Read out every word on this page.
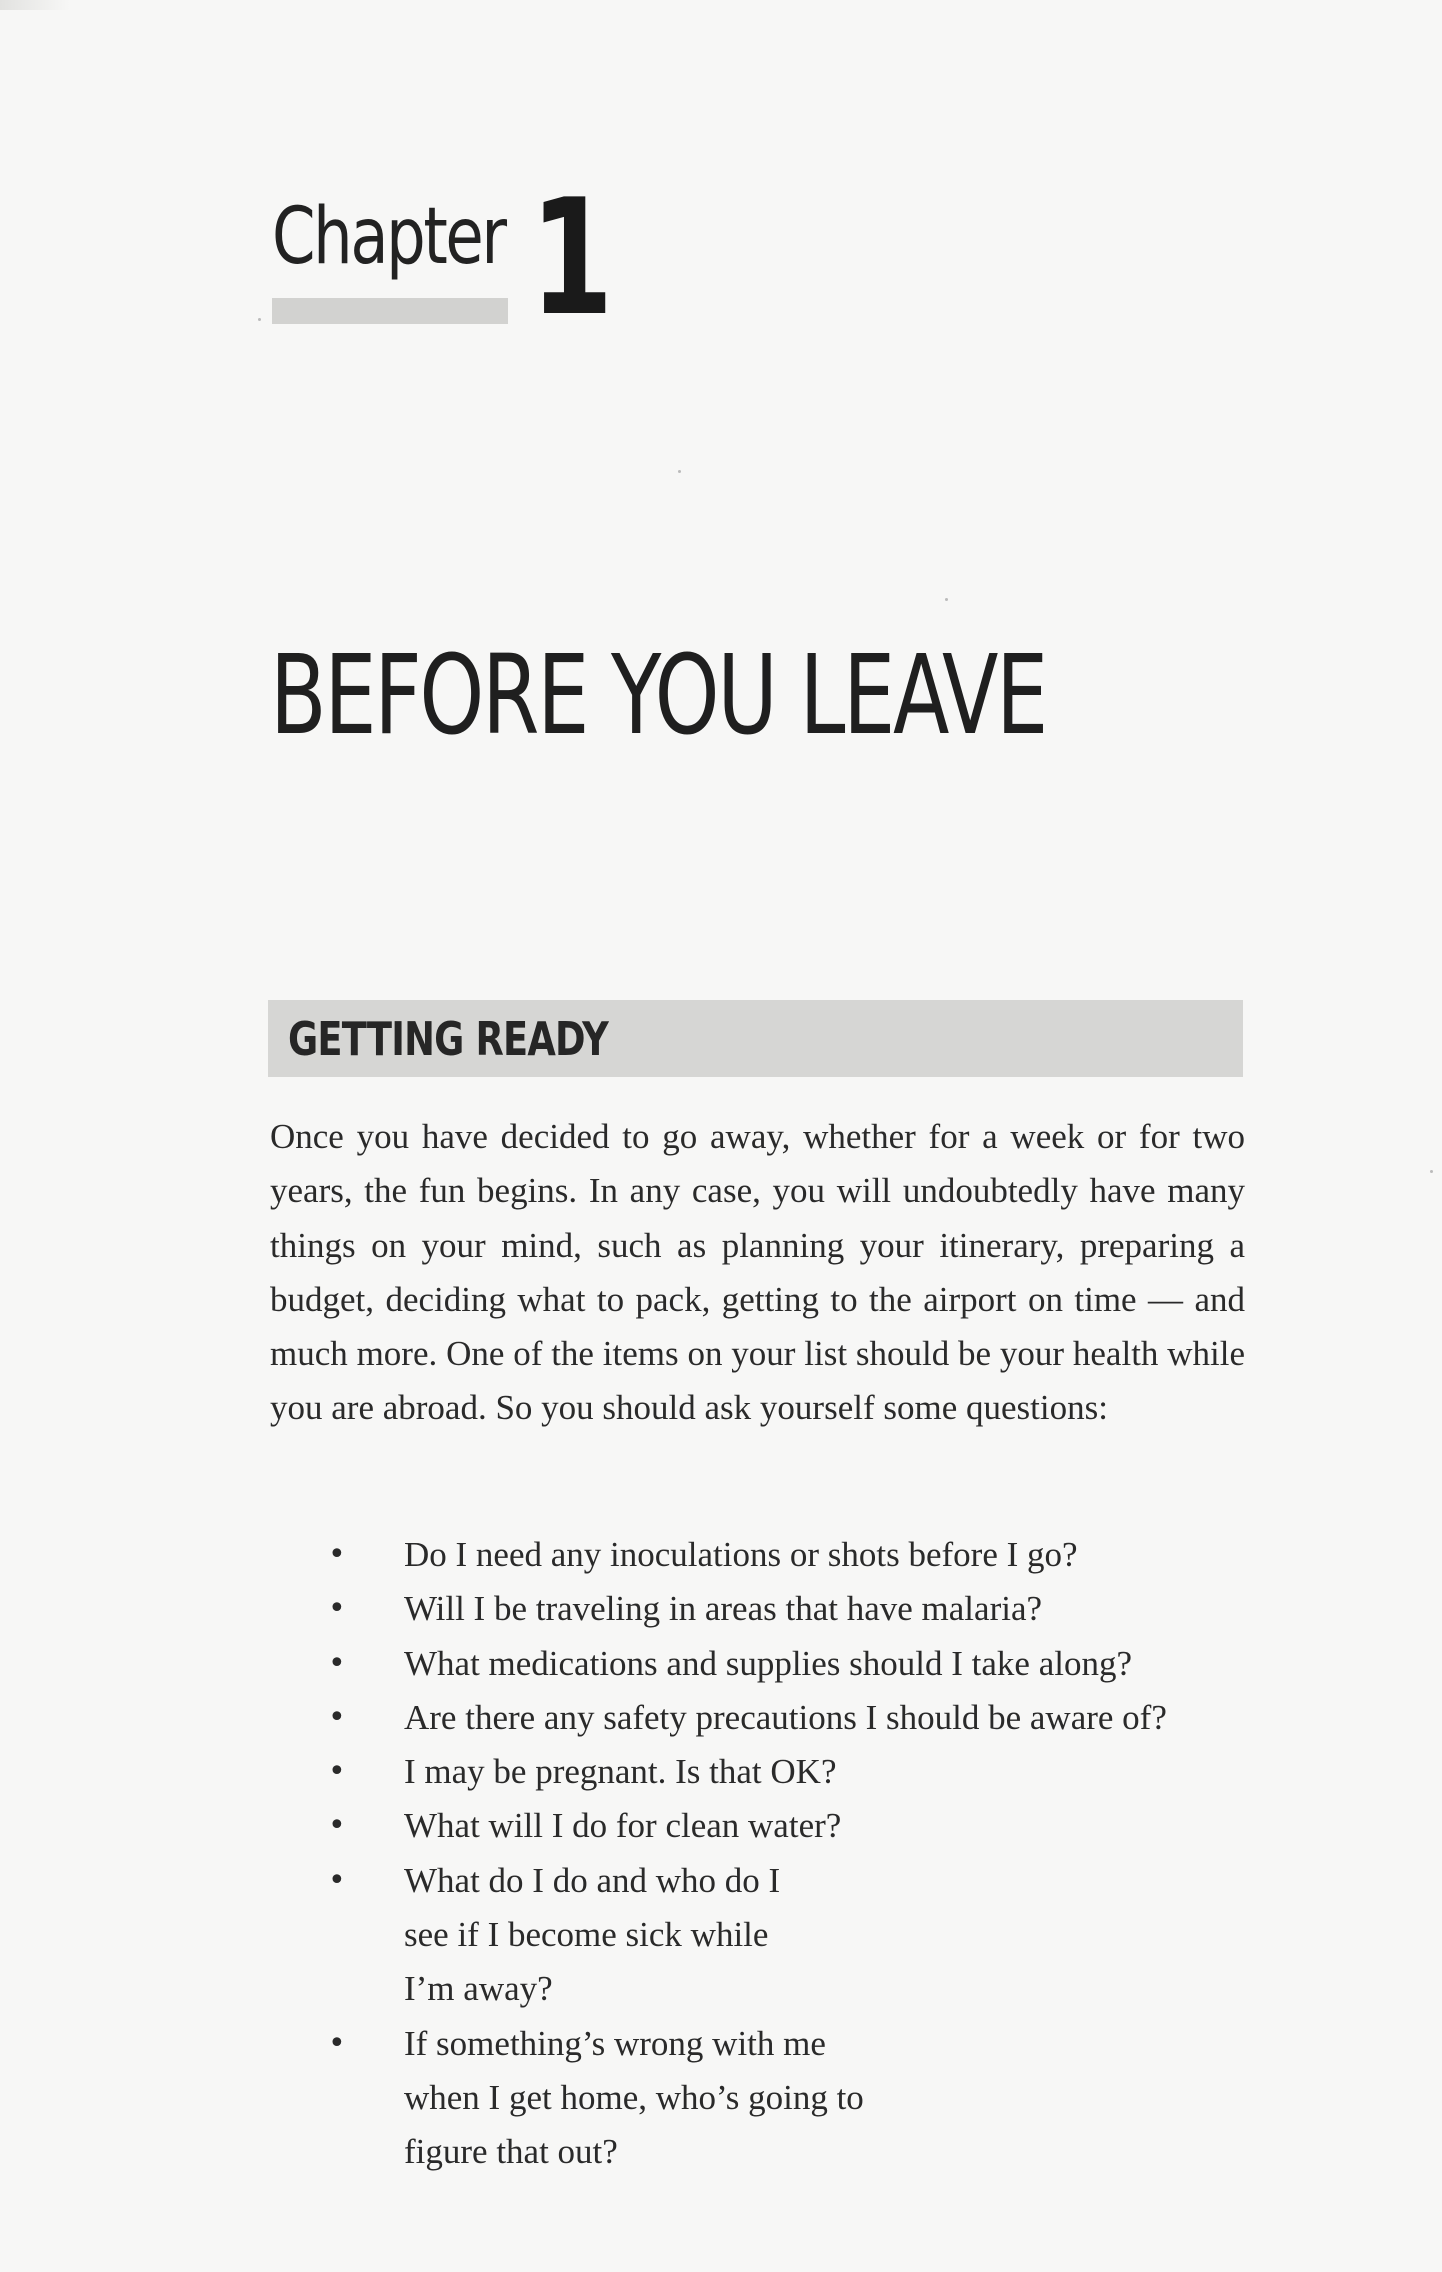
Chapter 1
BEFORE YOU LEAVE
GETTING READY

Once you have decided to go away, whether for a week or for two years, the fun begins. In any case, you will undoubtedly have many things on your mind, such as planning your itinerary, preparing a budget, deciding what to pack, getting to the airport on time — and much more. One of the items on your list should be your health while you are abroad. So you should ask yourself some questions:

• Do I need any inoculations or shots before I go?
• Will I be traveling in areas that have malaria?
• What medications and supplies should I take along?
• Are there any safety precautions I should be aware of?
• I may be pregnant. Is that OK?
• What will I do for clean water?
• What do I do and who do I see if I become sick while I’m away?
• If something’s wrong with me when I get home, who’s going to figure that out?
